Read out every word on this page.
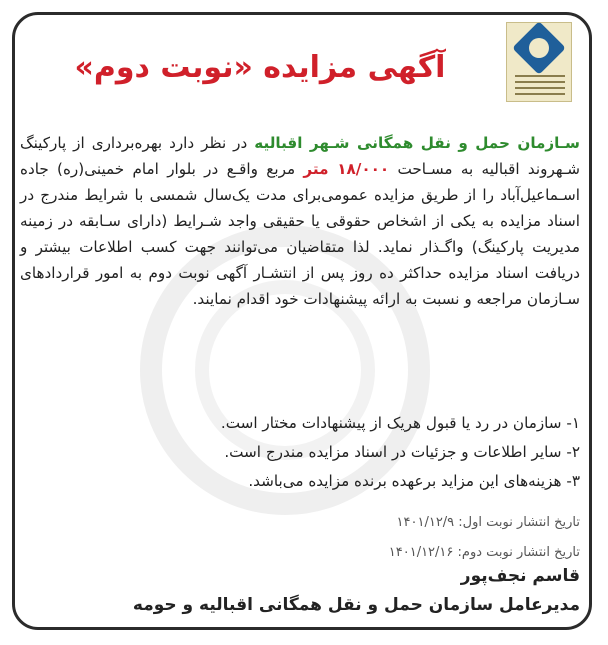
آگهی مزایده «نوبت دوم»
سـازمان حمل و نقل همگانی شـهر اقبالیه در نظر دارد بهره‌برداری از پارکینگ شـهروند اقبالیه به مسـاحت ۱۸/۰۰۰ متر مربع واقـع در بلوار امام خمینی(ره) جاده اسـماعیل‌آباد را از طریق مزایده عمومی‌برای مدت یک‌سال شمسی با شرایط مندرج در اسناد مزایده به یکی از اشخاص حقوقی یا حقیقی واجد شـرایط (دارای سـابقه در زمینه مدیریت پارکینگ) واگـذار نماید. لذا متقاضیان می‌توانند جهت کسب اطلاعات بیشتر و دریافت اسناد مزایده حداکثر ده روز پس از انتشـار آگهی نوبت دوم به امور قراردادهای سـازمان مراجعه و نسبت به ارائه پیشنهادات خود اقدام نمایند.
۱- سازمان در رد یا قبول هریک از پیشنهادات مختار است.
۲- سایر اطلاعات و جزئیات در اسناد مزایده مندرج است.
۳- هزینه‌های این مزاید برعهده برنده مزایده می‌باشد.
تاریخ انتشار نوبت اول: ۱۴۰۱/۱۲/۹
تاریخ انتشار نوبت دوم: ۱۴۰۱/۱۲/۱۶
قاسم نجف‌پور
مدیرعامل سازمان حمل و نقل همگانی اقبالیه و حومه
